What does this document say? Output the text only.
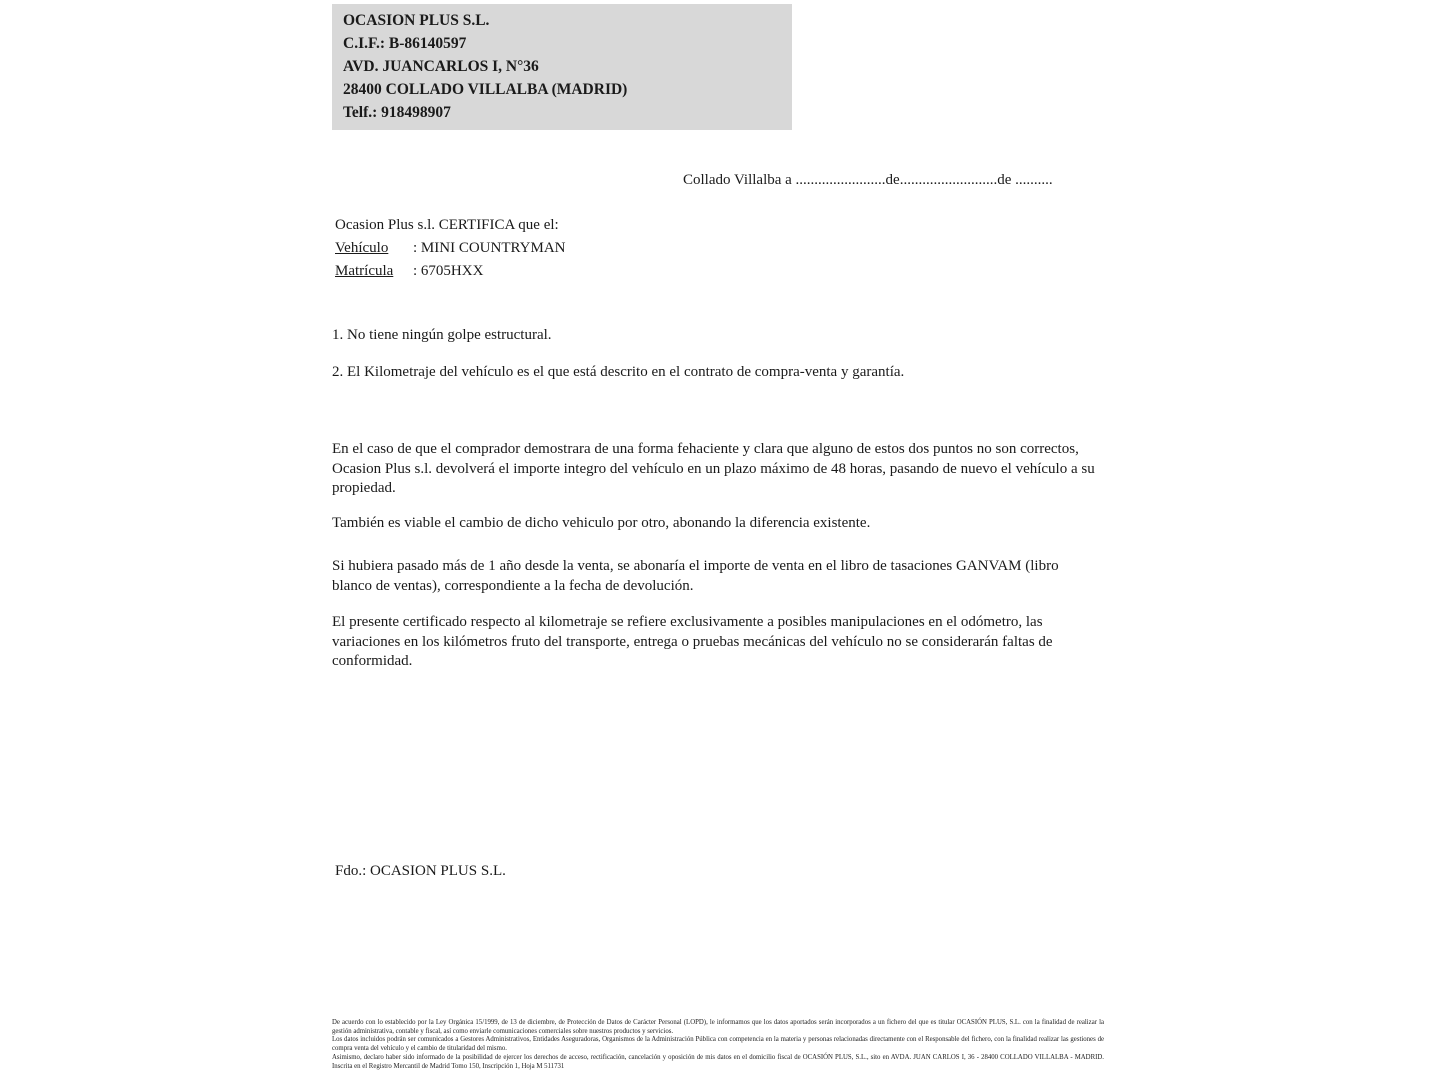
OCASION PLUS S.L.
C.I.F.: B-86140597
AVD. JUANCARLOS I, N°36
28400 COLLADO VILLALBA (MADRID)
Telf.: 918498907
Collado Villalba a ........................de..........................de ..........
Ocasion Plus s.l. CERTIFICA que el:
Vehículo : MINI COUNTRYMAN
Matrícula : 6705HXX
1. No tiene ningún golpe estructural.
2. El Kilometraje del vehículo es el que está descrito en el contrato de compra-venta y garantía.
En el caso de que el comprador demostrara de una forma fehaciente y clara que alguno de estos dos puntos no son correctos, Ocasion Plus s.l. devolverá el importe integro del vehículo en un plazo máximo de 48 horas, pasando de nuevo el vehículo a su propiedad.
También es viable el cambio de dicho vehiculo por otro, abonando la diferencia existente.
Si hubiera pasado más de 1 año desde la venta, se abonaría el importe de venta en el libro de tasaciones GANVAM (libro blanco de ventas), correspondiente a la fecha de devolución.
El presente certificado respecto al kilometraje se refiere exclusivamente a posibles manipulaciones en el odómetro, las variaciones en los kilómetros fruto del transporte, entrega o pruebas mecánicas del vehículo no se considerarán faltas de conformidad.
Fdo.: OCASION PLUS S.L.

De acuerdo con lo establecido por la Ley Orgánica 15/1999, de 13 de diciembre, de Protección de Datos de Carácter Personal (LOPD), le informamos que los datos aportados serán incorporados a un fichero del que es titular OCASIÓN PLUS, S.L. con la finalidad de realizar la gestión administrativa, contable y fiscal, así como enviarle comunicaciones comerciales sobre nuestros productos y servicios.

Los datos incluidos podrán ser comunicados a Gestores Administrativos, Entidades Aseguradoras, Organismos de la Administración Pública con competencia en la materia y personas relacionadas directamente con el Responsable del fichero, con la finalidad realizar las gestiones de compra venta del vehículo y el cambio de titularidad del mismo.

Asimismo, declaro haber sido informado de la posibilidad de ejercer los derechos de acceso, rectificación, cancelación y oposición de mis datos en el domicilio fiscal de OCASIÓN PLUS, S.L., sito en AVDA. JUAN CARLOS I, 36 - 28400 COLLADO VILLALBA - MADRID. Inscrita en el Registro Mercantil de Madrid Tomo 150, Inscripción 1, Hoja M 511731
